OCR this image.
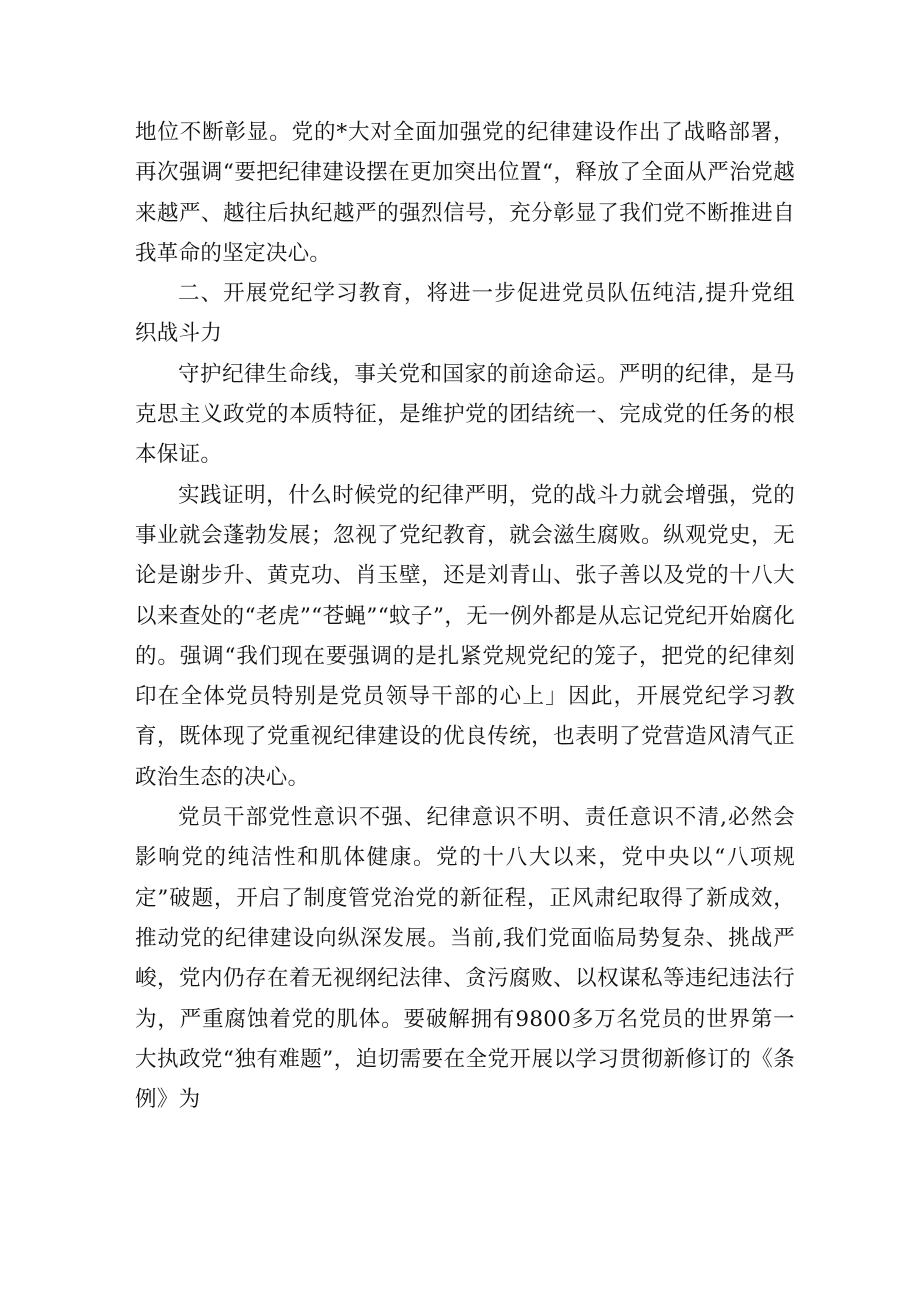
地位不断彰显。党的*大对全面加强党的纪律建设作出了战略部署，再次强调“要把纪律建设摆在更加突出位置“，释放了全面从严治党越来越严、越往后执纪越严的强烈信号，充分彰显了我们党不断推进自我革命的坚定决心。

二、开展党纪学习教育，将进一步促进党员队伍纯洁,提升党组织战斗力

守护纪律生命线，事关党和国家的前途命运。严明的纪律，是马克思主义政党的本质特征，是维护党的团结统一、完成党的任务的根本保证。

实践证明，什么时候党的纪律严明，党的战斗力就会增强，党的事业就会蓬勃发展；忽视了党纪教育，就会滋生腐败。纵观党史，无论是谢步升、黄克功、肖玉壁，还是刘青山、张子善以及党的十八大以来查处的“老虎”“苍蝇”“蚊子”，无一例外都是从忘记党纪开始腐化的。强调“我们现在要强调的是扎紧党规党纪的笼子，把党的纪律刻印在全体党员特别是党员领导干部的心上」因此，开展党纪学习教育，既体现了党重视纪律建设的优良传统，也表明了党营造风清气正政治生态的决心。

党员干部党性意识不强、纪律意识不明、责任意识不清,必然会影响党的纯洁性和肌体健康。党的十八大以来，党中央以“八项规定”破题，开启了制度管党治党的新征程，正风肃纪取得了新成效，推动党的纪律建设向纵深发展。当前,我们党面临局势复杂、挑战严峻，党内仍存在着无视纲纪法律、贪污腐败、以权谋私等违纪违法行为，严重腐蚀着党的肌体。要破解拥有9800多万名党员的世界第一大执政党“独有难题”，迫切需要在全党开展以学习贯彻新修订的《条例》为
